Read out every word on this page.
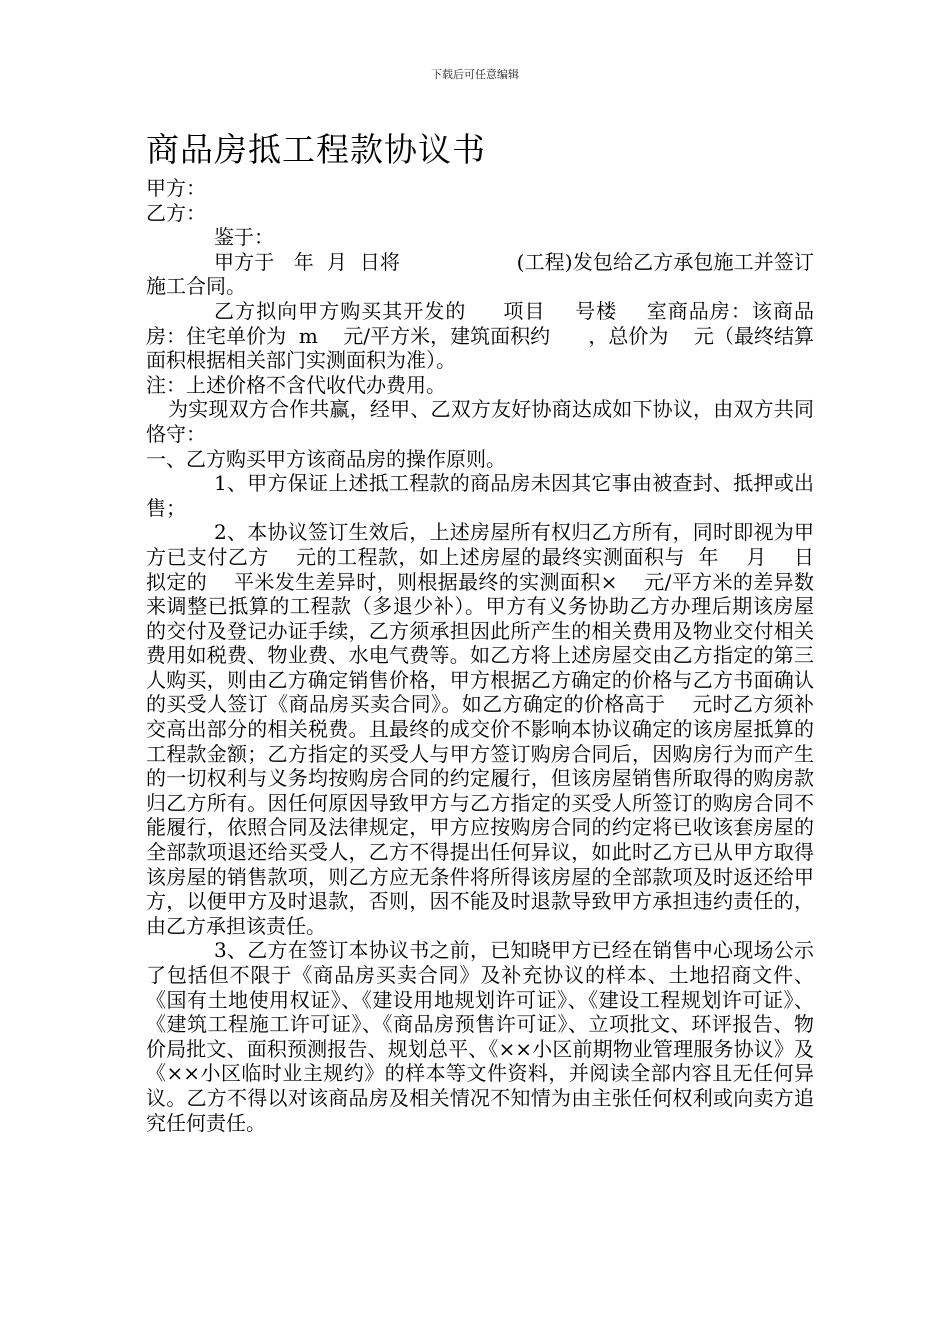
下载后可任意编辑
商品房抵工程款协议书

甲方：

乙方：

鉴于：

甲方于   年  月  日将                  (工程)发包给乙方承包施工并签订施工合同。

乙方拟向甲方购买其开发的     项目    号楼    室商品房：该商品房：住宅单价为  m    元/平方米，建筑面积约      ，总价为    元（最终结算面积根据相关部门实测面积为准）。

注：上述价格不含代收代办费用。

为实现双方合作共赢，经甲、乙双方友好协商达成如下协议，由双方共同恪守：

一、乙方购买甲方该商品房的操作原则。

1、甲方保证上述抵工程款的商品房未因其它事由被查封、抵押或出售；

2、本协议签订生效后，上述房屋所有权归乙方所有，同时即视为甲方已支付乙方    元的工程款，如上述房屋的最终实测面积与  年    月    日拟定的    平米发生差异时，则根据最终的实测面积×    元/平方米的差异数来调整已抵算的工程款（多退少补）。甲方有义务协助乙方办理后期该房屋的交付及登记办证手续，乙方须承担因此所产生的相关费用及物业交付相关费用如税费、物业费、水电气费等。如乙方将上述房屋交由乙方指定的第三人购买，则由乙方确定销售价格，甲方根据乙方确定的价格与乙方书面确认的买受人签订《商品房买卖合同》。如乙方确定的价格高于    元时乙方须补交高出部分的相关税费。且最终的成交价不影响本协议确定的该房屋抵算的工程款金额；乙方指定的买受人与甲方签订购房合同后，因购房行为而产生的一切权利与义务均按购房合同的约定履行，但该房屋销售所取得的购房款归乙方所有。因任何原因导致甲方与乙方指定的买受人所签订的购房合同不能履行，依照合同及法律规定，甲方应按购房合同的约定将已收该套房屋的全部款项退还给买受人，乙方不得提出任何异议，如此时乙方已从甲方取得该房屋的销售款项，则乙方应无条件将所得该房屋的全部款项及时返还给甲方，以便甲方及时退款，否则，因不能及时退款导致甲方承担违约责任的，由乙方承担该责任。

3、乙方在签订本协议书之前，已知晓甲方已经在销售中心现场公示了包括但不限于《商品房买卖合同》及补充协议的样本、土地招商文件、《国有土地使用权证》、《建设用地规划许可证》、《建设工程规划许可证》、《建筑工程施工许可证》、《商品房预售许可证》、立项批文、环评报告、物价局批文、面积预测报告、规划总平、《××小区前期物业管理服务协议》及《××小区临时业主规约》的样本等文件资料，并阅读全部内容且无任何异议。乙方不得以对该商品房及相关情况不知情为由主张任何权利或向卖方追究任何责任。
